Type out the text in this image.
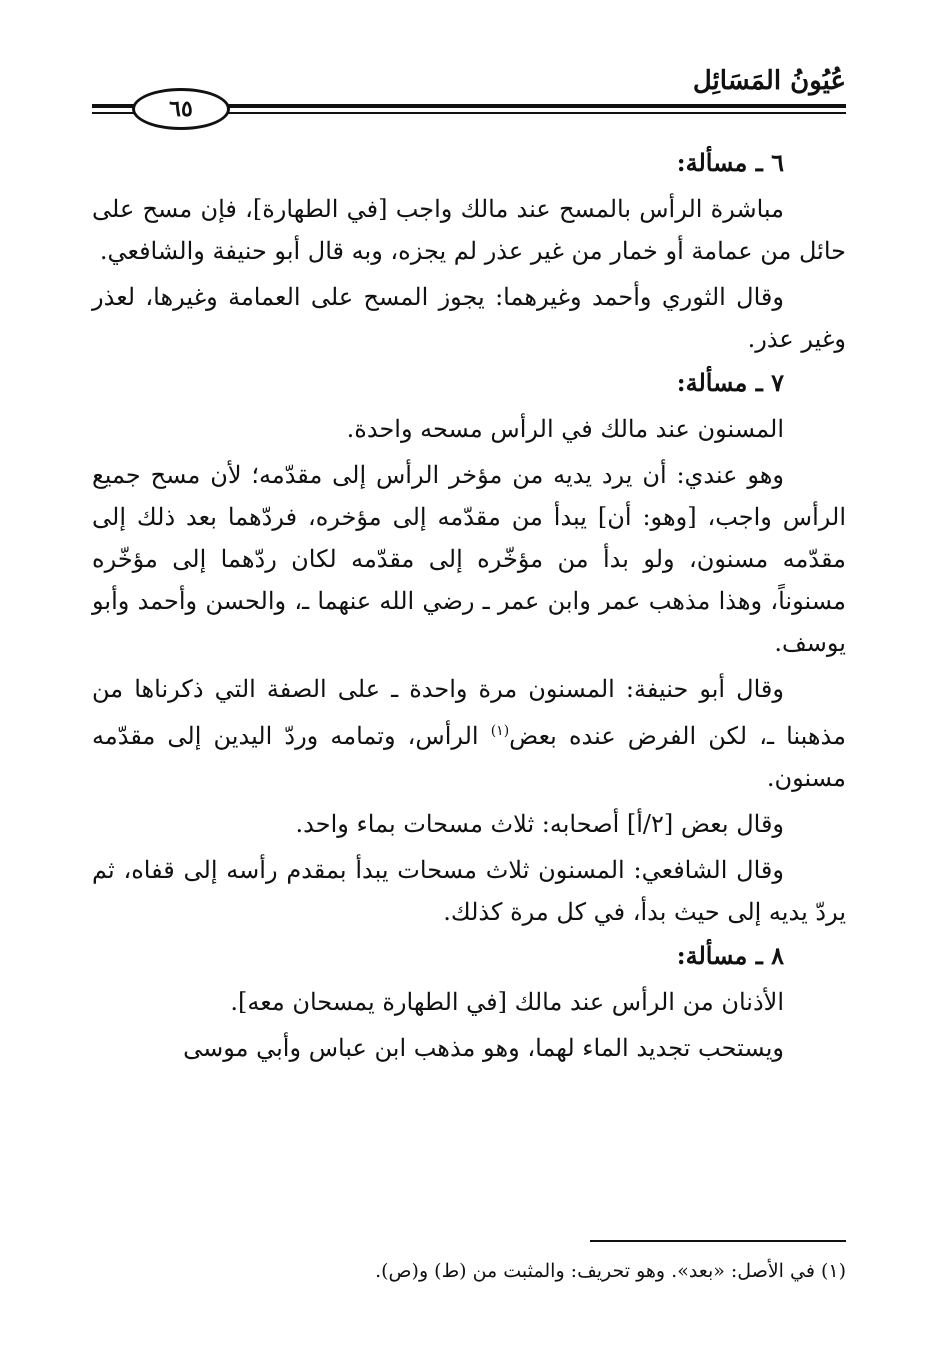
عُيُونُ المَسَائِل
٦٥
٦ ـ مسألة:

مباشرة الرأس بالمسح عند مالك واجب [في الطهارة]، فإن مسح على حائل من عمامة أو خمار من غير عذر لم يجزه، وبه قال أبو حنيفة والشافعي.

وقال الثوري وأحمد وغيرهما: يجوز المسح على العمامة وغيرها، لعذر وغير عذر.

٧ ـ مسألة:

المسنون عند مالك في الرأس مسحه واحدة.

وهو عندي: أن يرد يديه من مؤخر الرأس إلى مقدّمه؛ لأن مسح جميع الرأس واجب، [وهو: أن] يبدأ من مقدّمه إلى مؤخره، فردّهما بعد ذلك إلى مقدّمه مسنون، ولو بدأ من مؤخّره إلى مقدّمه لكان ردّهما إلى مؤخّره مسنوناً، وهذا مذهب عمر وابن عمر ـ رضي الله عنهما ـ، والحسن وأحمد وأبو يوسف.

وقال أبو حنيفة: المسنون مرة واحدة ـ على الصفة التي ذكرناها من مذهبنا ـ، لكن الفرض عنده بعض$^{(١)}$ الرأس، وتمامه وردّ اليدين إلى مقدّمه مسنون.

وقال بعض [٢/أ] أصحابه: ثلاث مسحات بماء واحد.

وقال الشافعي: المسنون ثلاث مسحات يبدأ بمقدم رأسه إلى قفاه، ثم يردّ يديه إلى حيث بدأ، في كل مرة كذلك.

٨ ـ مسألة:

الأذنان من الرأس عند مالك [في الطهارة يمسحان معه].

ويستحب تجديد الماء لهما، وهو مذهب ابن عباس وأبي موسى

(١) في الأصل: «بعد». وهو تحريف: والمثبت من (ط) و(ص).
